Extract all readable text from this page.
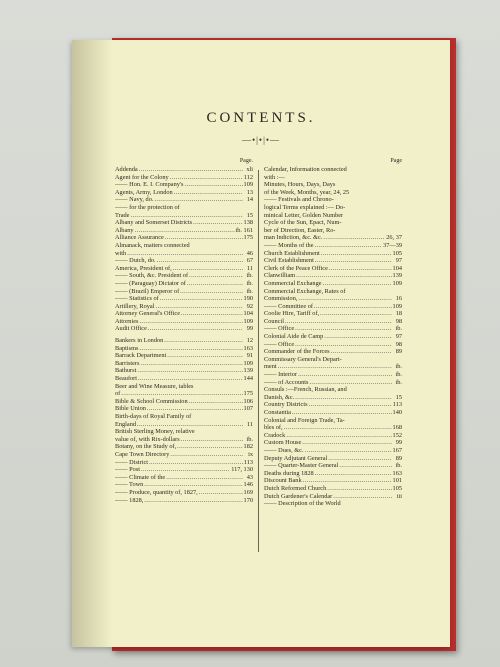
CONTENTS.
—•|•|•—
Page.
Addenda .....	xli
Agent for the Colony .....	112
—— Hon. E. I. Company's .....	109
Agents, Army, London .....	13
—— Navy, do. .....	14
—— for the protection of
Trade .....	15
Albany and Somerset Districts .....	138
Albany .....	ib. 161
Alliance Assurance .....	175
Almanack, matters connected
with .....	46
—— Dutch, do. .....	67
America, President of, .....	11
—— South, &c. President of .....	ib.
—— (Paraguay) Dictator of .....	ib.
—— (Brazil) Emperor of .....	ib.
—— Statistics of .....	190
Artillery, Royal .....	92
Attorney General's Office .....	104
Attornies .....	109
Audit Office .....	99
Bankers in London .....	12
Baptisms .....	163
Barrack Department .....	91
Barristers .....	109
Bathurst .....	139
Beaufort .....	144
Beer and Wine Measure, tables
of .....	175
Bible & School Commission .....	106
Bible Union .....	107
Birth-days of Royal Family of
England .....	11
British Sterling Money, relative
value of, with Rix-dollars .....	ib.
Botany, on the Study of, .....	182
Cape Town Directory .....	ix
—— District .....	113
—— Post .....	117, 130
—— Climate of the .....	43
—— Town .....	146
—— Produce, quantity of, 1827, .....	169
—— 1828, .....	170
Page
Calendar, Information connected
with :—
Minutes, Hours, Days, Days
of the Week, Months, year, 24, 25
—— Festivals and Chrono-
logical Terms explained :— Do-
minical Letter, Golden Number
Cycle of the Sun, Epact, Num-
ber of Direction, Easter, Ro-
man Indiction, &c. &c. .....	26, 37
—— Months of the .....	37—39
Church Establishment .....	105
Civil Establishment .....	97
Clerk of the Peace Office .....	104
Clanwilliam .....	139
Commercial Exchange .....	109
Commercial Exchange, Rates of
Commission, .....	16
—— Committee of .....	109
Coolie Hire, Tariff of, .....	18
Council .....	98
—— Office .....	ib.
Colonial Aide de Camp .....	97
—— Office .....	98
Commander of the Forces .....	89
Commissary General's Depart-
ment .....	ib.
—— Interior .....	ib.
—— of Accounts .....	ib.
Consuls :—French, Russian, and
Danish, &c. .....	15
Country Districts .....	113
Constantia .....	140
Colonial and Foreign Trade, Ta-
bles of, .....	168
Cradock .....	152
Custom House .....	99
—— Dues, &c. .....	167
Deputy Adjutant General .....	89
—— Quarter-Master General .....	ib.
Deaths during 1828 .....	163
Discount Bank .....	101
Dutch Reformed Church .....	105
Dutch Gardener's Calendar .....	iii
—— Description of the World
